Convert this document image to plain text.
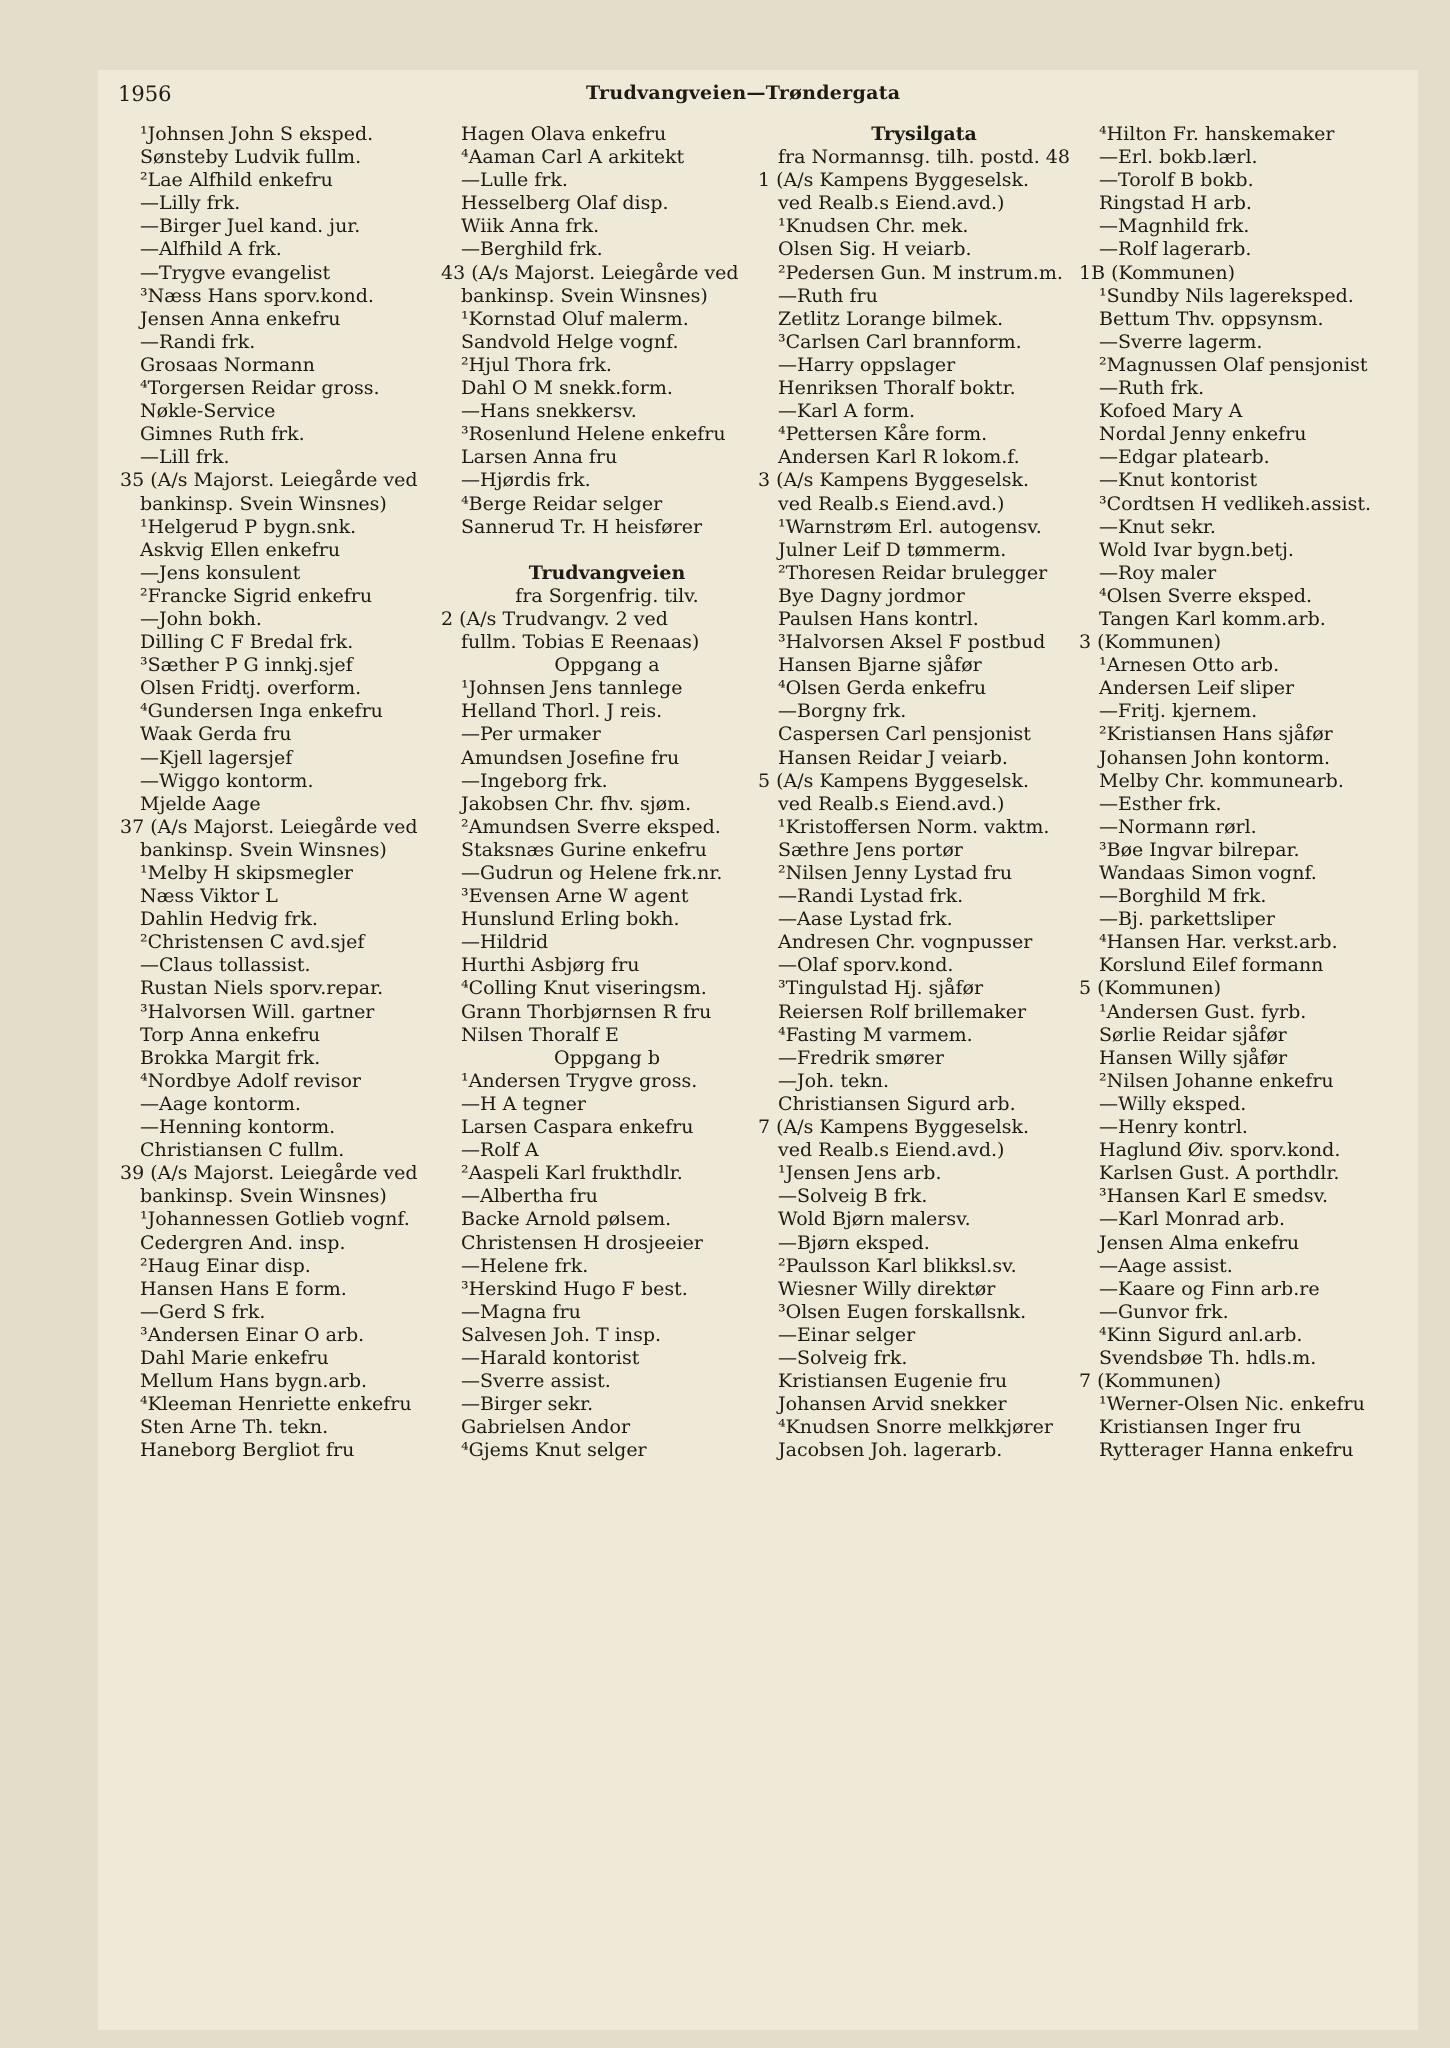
1956	Trudvangveien—Trøndergata
¹Johnsen John S eksped.
Sønsteby Ludvik fullm.
²Lae Alfhild enkefru
—Lilly frk.
—Birger Juel kand. jur.
—Alfhild A frk.
—Trygve evangelist
³Næss Hans sporv.kond.
Jensen Anna enkefru
—Randi frk.
Grosaas Normann
⁴Torgersen Reidar gross.
Nøkle-Service
Gimnes Ruth frk.
—Lill frk.
35 (A/s Majorst. Leiegårde ved
bankinsp. Svein Winsnes)
¹Helgerud P bygn.snk.
Askvig Ellen enkefru
—Jens konsulent
²Francke Sigrid enkefru
—John bokh.
Dilling C F Bredal frk.
³Sæther P G innkj.sjef
Olsen Fridtj. overform.
⁴Gundersen Inga enkefru
Waak Gerda fru
—Kjell lagersjef
—Wiggo kontorm.
Mjelde Aage
37 (A/s Majorst. Leiegårde ved
bankinsp. Svein Winsnes)
¹Melby H skipsmegler
Næss Viktor L
Dahlin Hedvig frk.
²Christensen C avd.sjef
—Claus tollassist.
Rustan Niels sporv.repar.
³Halvorsen Will. gartner
Torp Anna enkefru
Brokka Margit frk.
⁴Nordbye Adolf revisor
—Aage kontorm.
—Henning kontorm.
Christiansen C fullm.
39 (A/s Majorst. Leiegårde ved
bankinsp. Svein Winsnes)
¹Johannessen Gotlieb vognf.
Cedergren And. insp.
²Haug Einar disp.
Hansen Hans E form.
—Gerd S frk.
³Andersen Einar O arb.
Dahl Marie enkefru
Mellum Hans bygn.arb.
⁴Kleeman Henriette enkefru
Sten Arne Th. tekn.
Haneborg Bergliot fru
Hagen Olava enkefru
⁴Aaman Carl A arkitekt
—Lulle frk.
Hesselberg Olaf disp.
Wiik Anna frk.
—Berghild frk.
43 (A/s Majorst. Leiegårde ved
bankinsp. Svein Winsnes)
¹Kornstad Oluf malerm.
Sandvold Helge vognf.
²Hjul Thora frk.
Dahl O M snekk.form.
—Hans snekkersv.
³Rosenlund Helene enkefru
Larsen Anna fru
—Hjørdis frk.
⁴Berge Reidar selger
Sannerud Tr. H heisfører
Trudvangveien
fra Sorgenfrig. tilv.
2 (A/s Trudvangv. 2 ved
fullm. Tobias E Reenaas)
Oppgang a
¹Johnsen Jens tannlege
Helland Thorl. J reis.
—Per urmaker
Amundsen Josefine fru
—Ingeborg frk.
Jakobsen Chr. fhv. sjøm.
²Amundsen Sverre eksped.
Staksnæs Gurine enkefru
—Gudrun og Helene frk.nr.
³Evensen Arne W agent
Hunslund Erling bokh.
—Hildrid
Hurthi Asbjørg fru
⁴Colling Knut viseringsm.
Grann Thorbjørnsen R fru
Nilsen Thoralf E
Oppgang b
¹Andersen Trygve gross.
—H A tegner
Larsen Caspara enkefru
—Rolf A
²Aaspeli Karl frukthdlr.
—Albertha fru
Backe Arnold pølsem.
Christensen H drosjeeier
—Helene frk.
³Herskind Hugo F best.
—Magna fru
Salvesen Joh. T insp.
—Harald kontorist
—Sverre assist.
—Birger sekr.
Gabrielsen Andor
⁴Gjems Knut selger
Trysilgata
fra Normannsg. tilh. postd. 48
1 (A/s Kampens Byggeselsk.
ved Realb.s Eiend.avd.)
¹Knudsen Chr. mek.
Olsen Sig. H veiarb.
²Pedersen Gun. M instrum.m.
—Ruth fru
Zetlitz Lorange bilmek.
³Carlsen Carl brannform.
—Harry oppslager
Henriksen Thoralf boktr.
—Karl A form.
⁴Pettersen Kåre form.
Andersen Karl R lokom.f.
3 (A/s Kampens Byggeselsk.
ved Realb.s Eiend.avd.)
¹Warnstrøm Erl. autogensv.
Julner Leif D tømmerm.
²Thoresen Reidar brulegger
Bye Dagny jordmor
Paulsen Hans kontrl.
³Halvorsen Aksel F postbud
Hansen Bjarne sjåfør
⁴Olsen Gerda enkefru
—Borgny frk.
Caspersen Carl pensjonist
Hansen Reidar J veiarb.
5 (A/s Kampens Byggeselsk.
ved Realb.s Eiend.avd.)
¹Kristoffersen Norm. vaktm.
Sæthre Jens portør
²Nilsen Jenny Lystad fru
—Randi Lystad frk.
—Aase Lystad frk.
Andresen Chr. vognpusser
—Olaf sporv.kond.
³Tingulstad Hj. sjåfør
Reiersen Rolf brillemaker
⁴Fasting M varmem.
—Fredrik smører
—Joh. tekn.
Christiansen Sigurd arb.
7 (A/s Kampens Byggeselsk.
ved Realb.s Eiend.avd.)
¹Jensen Jens arb.
—Solveig B frk.
Wold Bjørn malersv.
—Bjørn eksped.
²Paulsson Karl blikksl.sv.
Wiesner Willy direktør
³Olsen Eugen forskallsnk.
—Einar selger
—Solveig frk.
Kristiansen Eugenie fru
Johansen Arvid snekker
⁴Knudsen Snorre melkkjører
Jacobsen Joh. lagerarb.
⁴Hilton Fr. hanskemaker
—Erl. bokb.lærl.
—Torolf B bokb.
Ringstad H arb.
—Magnhild frk.
—Rolf lagerarb.
1B (Kommunen)
¹Sundby Nils lagereksped.
Bettum Thv. oppsynsm.
—Sverre lagerm.
²Magnussen Olaf pensjonist
—Ruth frk.
Kofoed Mary A
Nordal Jenny enkefru
—Edgar platearb.
—Knut kontorist
³Cordtsen H vedlikeh.assist.
—Knut sekr.
Wold Ivar bygn.betj.
—Roy maler
⁴Olsen Sverre eksped.
Tangen Karl komm.arb.
3 (Kommunen)
¹Arnesen Otto arb.
Andersen Leif sliper
—Fritj. kjernem.
²Kristiansen Hans sjåfør
Johansen John kontorm.
Melby Chr. kommunearb.
—Esther frk.
—Normann rørl.
³Bøe Ingvar bilrepar.
Wandaas Simon vognf.
—Borghild M frk.
—Bj. parkettsliper
⁴Hansen Har. verkst.arb.
Korslund Eilef formann
5 (Kommunen)
¹Andersen Gust. fyrb.
Sørlie Reidar sjåfør
Hansen Willy sjåfør
²Nilsen Johanne enkefru
—Willy eksped.
—Henry kontrl.
Haglund Øiv. sporv.kond.
Karlsen Gust. A porthdlr.
³Hansen Karl E smedsv.
—Karl Monrad arb.
Jensen Alma enkefru
—Aage assist.
—Kaare og Finn arb.re
—Gunvor frk.
⁴Kinn Sigurd anl.arb.
Svendsbøe Th. hdls.m.
7 (Kommunen)
¹Werner-Olsen Nic. enkefru
Kristiansen Inger fru
Rytterager Hanna enkefru
